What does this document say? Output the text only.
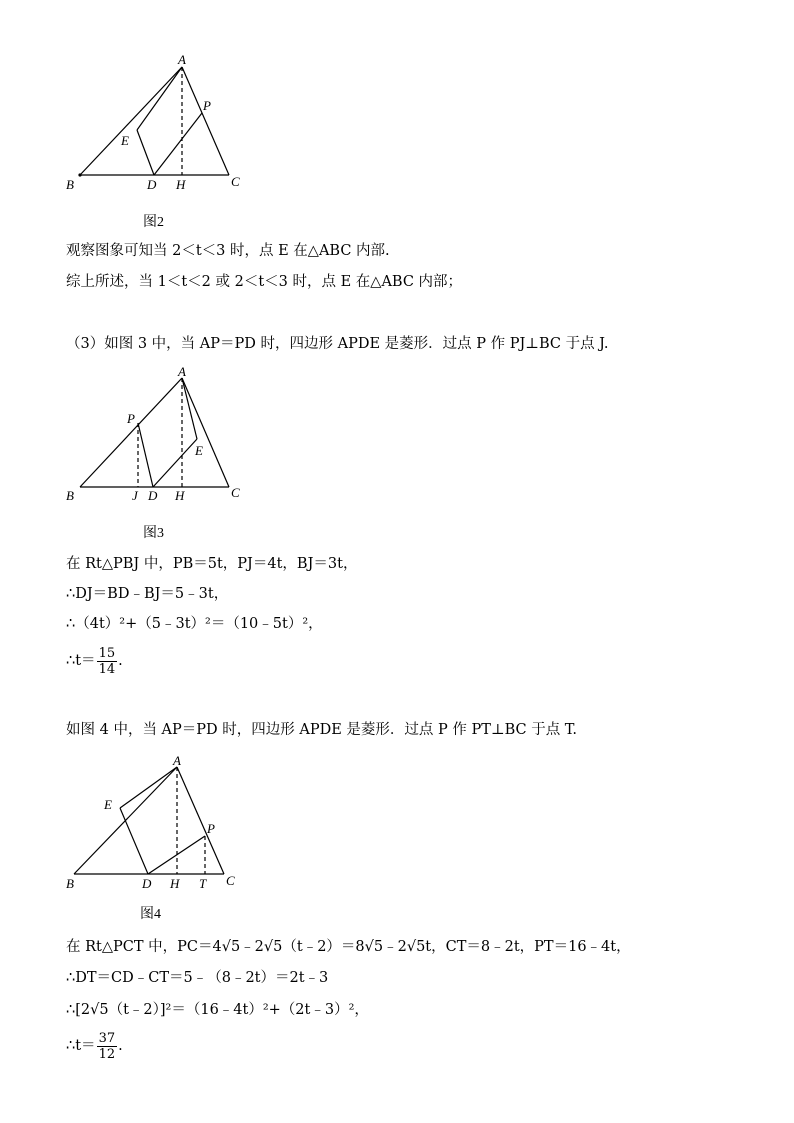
A
P
E
B	D H	C
图2
观察图象可知当 2＜t＜3 时，点 E 在△ABC 内部.
综上所述，当 1＜t＜2 或 2＜t＜3 时，点 E 在△ABC 内部；
（3）如图 3 中，当 AP＝PD 时，四边形 APDE 是菱形．过点 P 作 PJ⊥BC 于点 J.
A
P
E
B	J D H	C
图3
在 Rt△PBJ 中，PB＝5t，PJ＝4t，BJ＝3t，
∴DJ＝BD﹣BJ＝5﹣3t，
∴（4t）²+（5﹣3t）²＝（10﹣5t）²，
∴t＝ $\frac{15}{14}$ .
如图 4 中，当 AP＝PD 时，四边形 APDE 是菱形．过点 P 作 PT⊥BC 于点 T.
A
E
P
B	D H T C
图4
在 Rt△PCT 中，PC＝4√5﹣2√5（t﹣2）＝8√5﹣2√5t，CT＝8﹣2t，PT＝16﹣4t，
∴DT＝CD﹣CT＝5﹣（8﹣2t）＝2t﹣3
∴[2√5（t﹣2）]²＝（16﹣4t）²+（2t﹣3）²，
∴t＝ $\frac{37}{12}$ .
